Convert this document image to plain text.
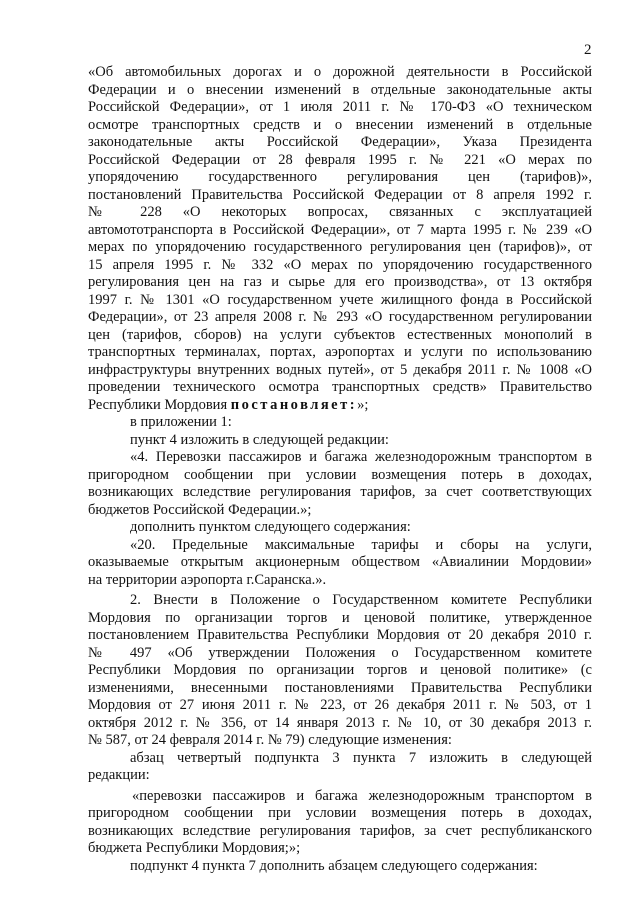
2
«Об автомобильных дорогах и о дорожной деятельности в Российской
Федерации и о внесении изменений в отдельные законодательные акты
Российской Федерации», от 1 июля 2011 г. № 170-ФЗ «О техническом
осмотре транспортных средств и о внесении изменений в отдельные
законодательные акты Российской Федерации», Указа Президента
Российской Федерации от 28 февраля 1995 г. № 221 «О мерах по
упорядочению государственного регулирования цен (тарифов)»,
постановлений Правительства Российской Федерации от 8 апреля 1992 г.
№ 228 «О некоторых вопросах, связанных с эксплуатацией
автомототранспорта в Российской Федерации», от 7 марта 1995 г. № 239 «О
мерах по упорядочению государственного регулирования цен (тарифов)», от
15 апреля 1995 г. № 332 «О мерах по упорядочению государственного
регулирования цен на газ и сырье для его производства», от 13 октября
1997 г. № 1301 «О государственном учете жилищного фонда в Российской
Федерации», от 23 апреля 2008 г. № 293 «О государственном регулировании
цен (тарифов, сборов) на услуги субъектов естественных монополий в
транспортных терминалах, портах, аэропортах и услуги по использованию
инфраструктуры внутренних водных путей», от 5 декабря 2011 г. № 1008 «О
проведении технического осмотра транспортных средств» Правительство
Республики Мордовия постановляет:»;
в приложении 1:
пункт 4 изложить в следующей редакции:
«4. Перевозки пассажиров и багажа железнодорожным транспортом в
пригородном сообщении при условии возмещения потерь в доходах,
возникающих вследствие регулирования тарифов, за счет соответствующих
бюджетов Российской Федерации.»;
дополнить пунктом следующего содержания:
«20. Предельные максимальные тарифы и сборы на услуги,
оказываемые открытым акционерным обществом «Авиалинии Мордовии»
на территории аэропорта г.Саранска.».
2. Внести в Положение о Государственном комитете Республики
Мордовия по организации торгов и ценовой политике, утвержденное
постановлением Правительства Республики Мордовия от 20 декабря 2010 г.
№ 497 «Об утверждении Положения о Государственном комитете
Республики Мордовия по организации торгов и ценовой политике» (с
изменениями, внесенными постановлениями Правительства Республики
Мордовия от 27 июня 2011 г. № 223, от 26 декабря 2011 г. № 503, от 1
октября 2012 г. № 356, от 14 января 2013 г. № 10, от 30 декабря 2013 г.
№ 587, от 24 февраля 2014 г. № 79) следующие изменения:
абзац четвертый подпункта 3 пункта 7 изложить в следующей
редакции:
«перевозки пассажиров и багажа железнодорожным транспортом в
пригородном сообщении при условии возмещения потерь в доходах,
возникающих вследствие регулирования тарифов, за счет республиканского
бюджета Республики Мордовия;»;
подпункт 4 пункта 7 дополнить абзацем следующего содержания:
